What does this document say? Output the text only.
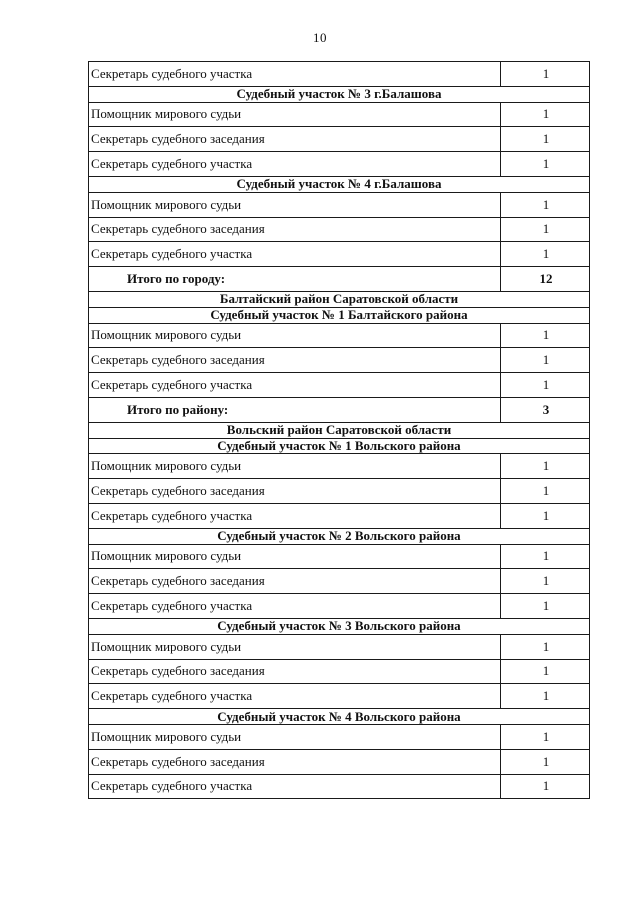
10
Секретарь судебного участка	1
Судебный участок № 3 г.Балашова	
Помощник мирового судьи	1
Секретарь судебного заседания	1
Секретарь судебного участка	1
Судебный участок № 4 г.Балашова	
Помощник мирового судьи	1
Секретарь судебного заседания	1
Секретарь судебного участка	1
Итого по городу:	12
Балтайский район Саратовской области	
Судебный участок № 1 Балтайского района	
Помощник мирового судьи	1
Секретарь судебного заседания	1
Секретарь судебного участка	1
Итого по району:	3
Вольский район Саратовской области	
Судебный участок № 1 Вольского района	
Помощник мирового судьи	1
Секретарь судебного заседания	1
Секретарь судебного участка	1
Судебный участок № 2 Вольского района	
Помощник мирового судьи	1
Секретарь судебного заседания	1
Секретарь судебного участка	1
Судебный участок № 3 Вольского района	
Помощник мирового судьи	1
Секретарь судебного заседания	1
Секретарь судебного участка	1
Судебный участок № 4 Вольского района	
Помощник мирового судьи	1
Секретарь судебного заседания	1
Секретарь судебного участка	1
